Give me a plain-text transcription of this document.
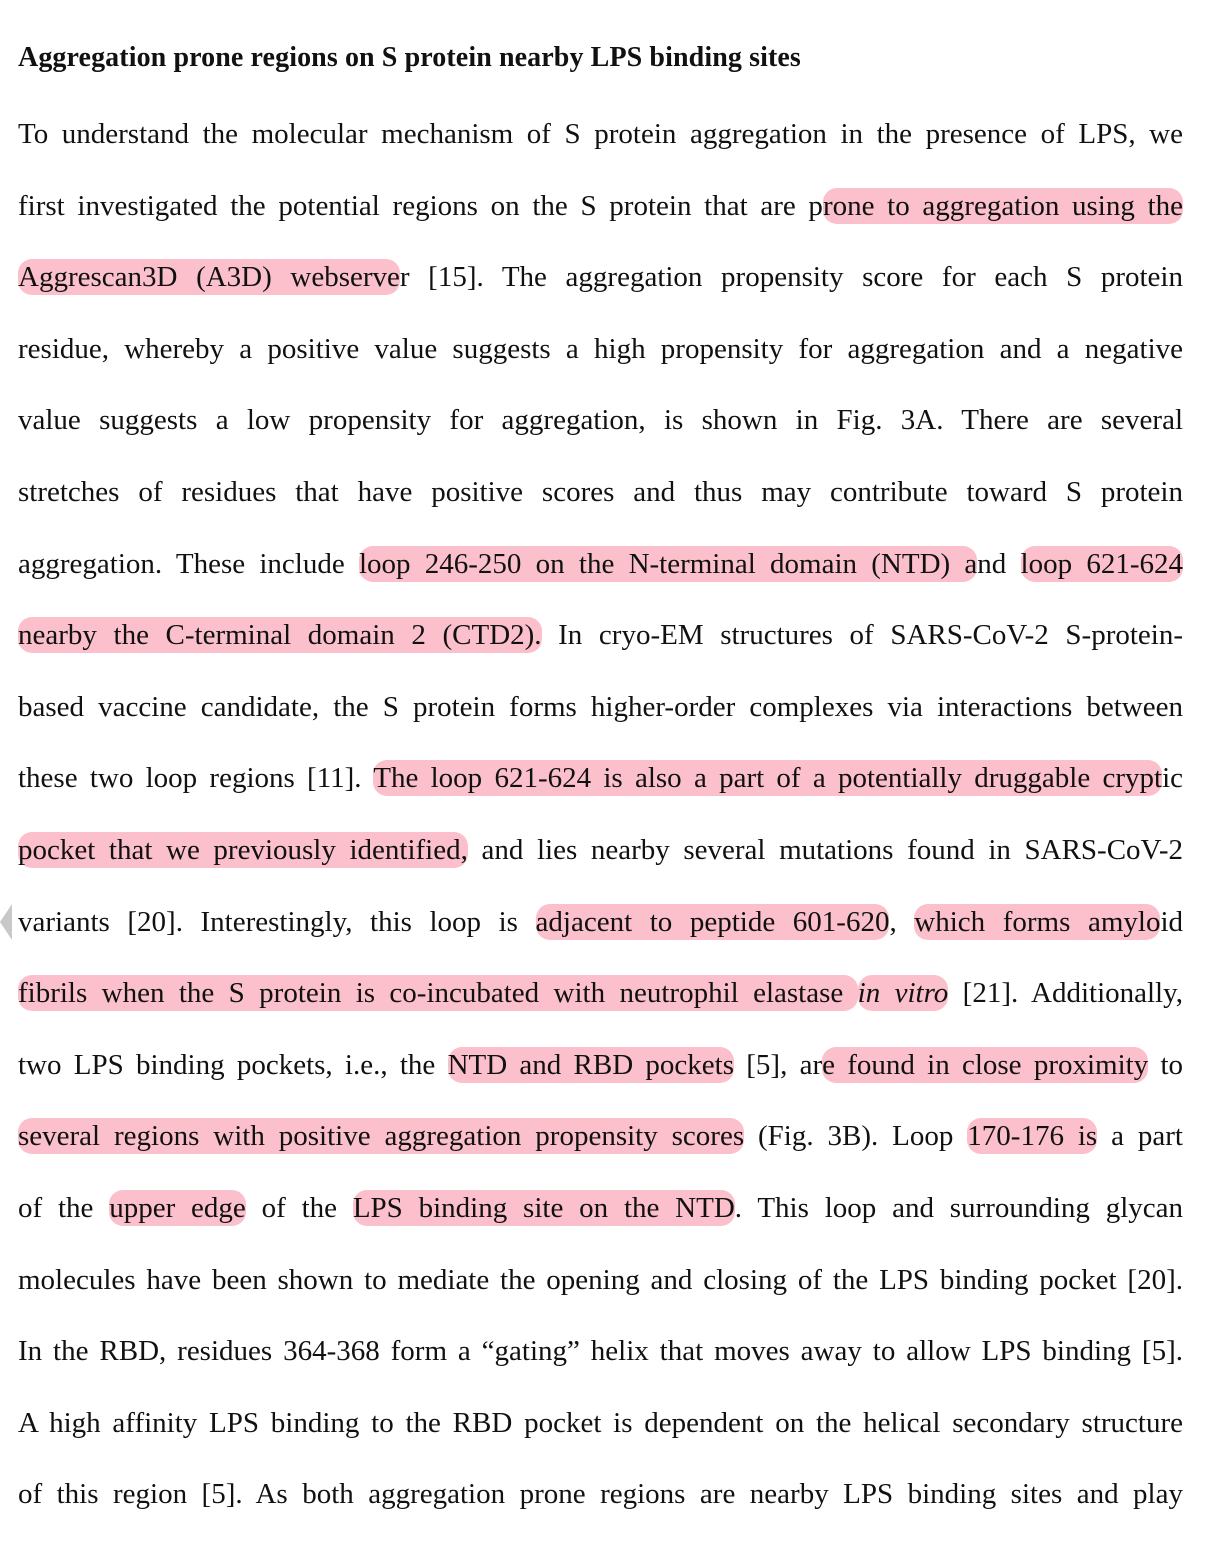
Aggregation prone regions on S protein nearby LPS binding sites
To understand the molecular mechanism of S protein aggregation in the presence of LPS, we
first investigated the potential regions on the S protein that are prone to aggregation using the
Aggrescan3D (A3D) webserver [15]. The aggregation propensity score for each S protein
residue, whereby a positive value suggests a high propensity for aggregation and a negative
value suggests a low propensity for aggregation, is shown in Fig. 3A. There are several
stretches of residues that have positive scores and thus may contribute toward S protein
aggregation. These include loop 246-250 on the N-terminal domain (NTD) and loop 621-624
nearby the C-terminal domain 2 (CTD2). In cryo-EM structures of SARS-CoV-2 S-protein-
based vaccine candidate, the S protein forms higher-order complexes via interactions between
these two loop regions [11]. The loop 621-624 is also a part of a potentially druggable cryptic
pocket that we previously identified, and lies nearby several mutations found in SARS-CoV-2
variants [20]. Interestingly, this loop is adjacent to peptide 601-620, which forms amyloid
fibrils when the S protein is co-incubated with neutrophil elastase in vitro [21]. Additionally,
two LPS binding pockets, i.e., the NTD and RBD pockets [5], are found in close proximity to
several regions with positive aggregation propensity scores (Fig. 3B). Loop 170-176 is a part
of the upper edge of the LPS binding site on the NTD. This loop and surrounding glycan
molecules have been shown to mediate the opening and closing of the LPS binding pocket [20].
In the RBD, residues 364-368 form a “gating” helix that moves away to allow LPS binding [5].
A high affinity LPS binding to the RBD pocket is dependent on the helical secondary structure
of this region [5]. As both aggregation prone regions are nearby LPS binding sites and play
